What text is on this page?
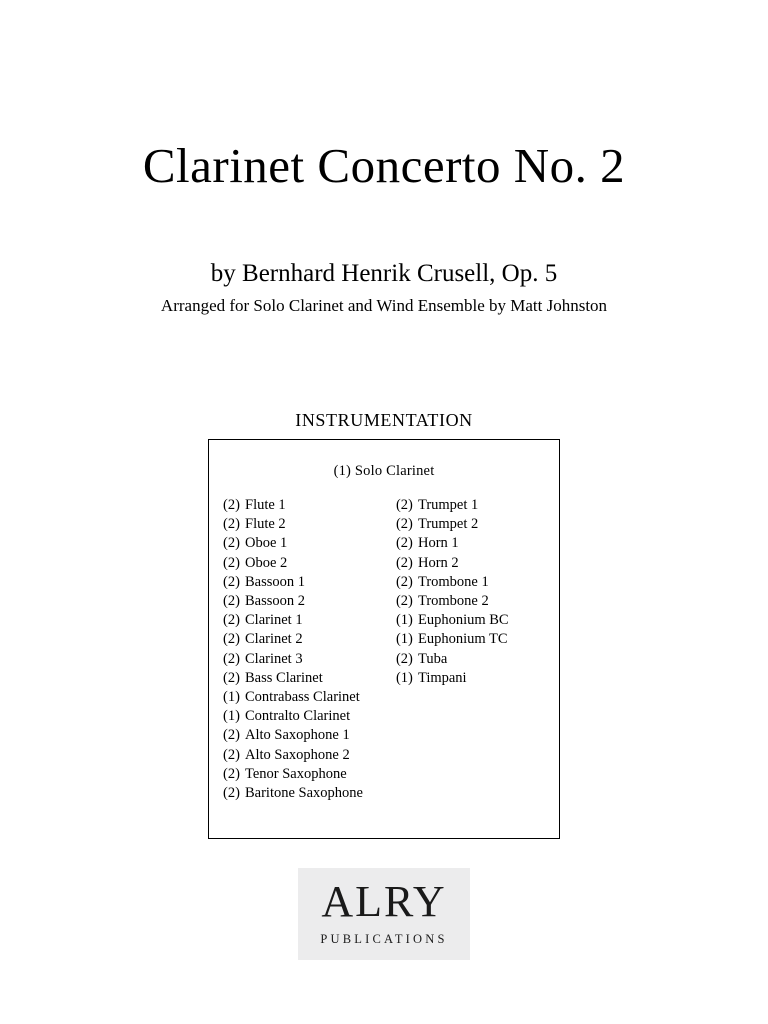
Clarinet Concerto No. 2

by Bernhard Henrik Crusell, Op. 5

Arranged for Solo Clarinet and Wind Ensemble by Matt Johnston

INSTRUMENTATION

(1) Solo Clarinet
(2) Flute 1
(2) Flute 2
(2) Oboe 1
(2) Oboe 2
(2) Bassoon 1
(2) Bassoon 2
(2) Clarinet 1
(2) Clarinet 2
(2) Clarinet 3
(2) Bass Clarinet
(1) Contrabass Clarinet
(1) Contralto Clarinet
(2) Alto Saxophone 1
(2) Alto Saxophone 2
(2) Tenor Saxophone
(2) Baritone Saxophone
(2) Trumpet 1
(2) Trumpet 2
(2) Horn 1
(2) Horn 2
(2) Trombone 1
(2) Trombone 2
(1) Euphonium BC
(1) Euphonium TC
(2) Tuba
(1) Timpani
ALRY
PUBLICATIONS
